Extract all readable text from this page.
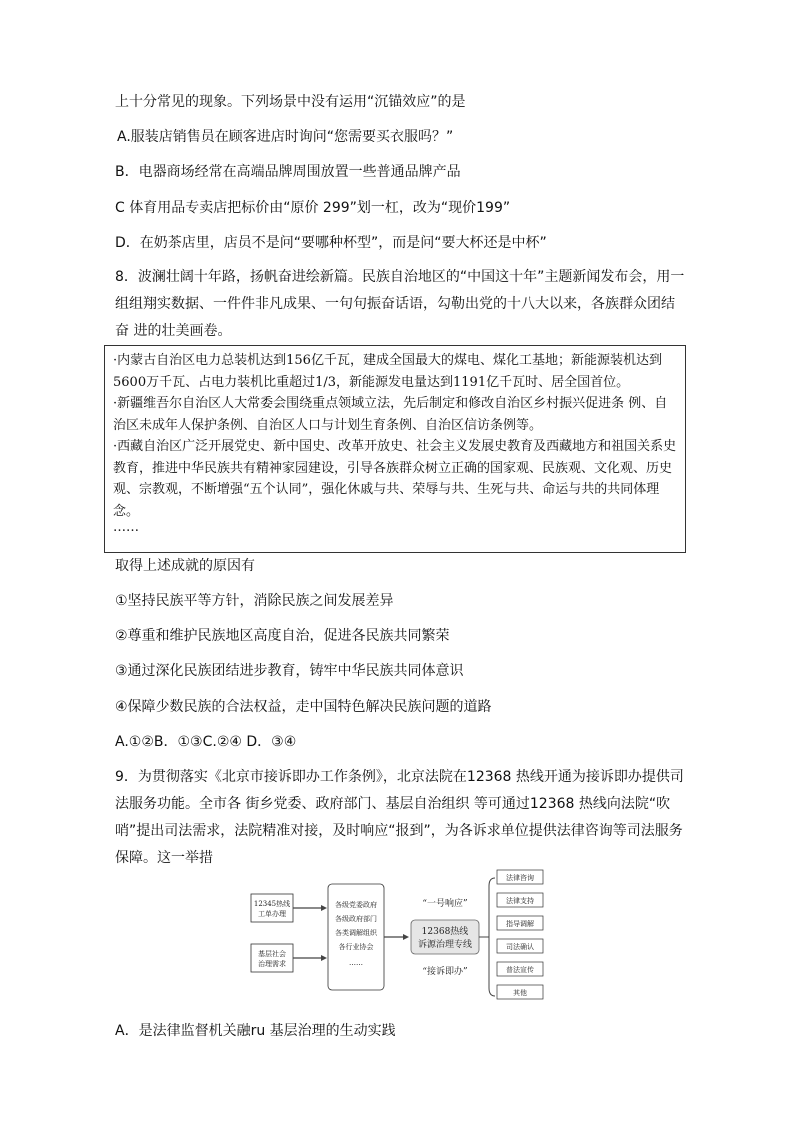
上十分常见的现象。下列场景中没有运用“沉锚效应”的是
A.服装店销售员在顾客进店时询问“您需要买衣服吗？”
B．电器商场经常在高端品牌周围放置一些普通品牌产品
C 体育用品专卖店把标价由“原价 299”划一杠，改为“现价199”
D．在奶茶店里，店员不是问“要哪种杯型”，而是问“要大杯还是中杯”
8．波澜壮阔十年路，扬帆奋进绘新篇。民族自治地区的“中国这十年”主题新闻发布会，用一组组翔实数据、一件件非凡成果、一句句振奋话语，勾勒出党的十八大以来，各族群众团结奋 进的壮美画卷。
·内蒙古自治区电力总装机达到156亿千瓦，建成全国最大的煤电、煤化工基地；新能源装机达到5600万千瓦、占电力装机比重超过1/3，新能源发电量达到1191亿千瓦时、居全国首位。
·新疆维吾尔自治区人大常委会围绕重点领域立法，先后制定和修改自治区乡村振兴促进条 例、自治区未成年人保护条例、自治区人口与计划生育条例、自治区信访条例等。
·西藏自治区广泛开展党史、新中国史、改革开放史、社会主义发展史教育及西藏地方和祖国关系史教育，推进中华民族共有精神家园建设，引导各族群众树立正确的国家观、民族观、文化观、历史观、宗教观，不断增强“五个认同”，强化休戚与共、荣辱与共、生死与共、命运与共的共同体理念。
……
取得上述成就的原因有
①坚持民族平等方针，消除民族之间发展差异
②尊重和维护民族地区高度自治，促进各民族共同繁荣
③通过深化民族团结进步教育，铸牢中华民族共同体意识
④保障少数民族的合法权益，走中国特色解决民族问题的道路
A.①②B．①③C.②④ D．③④
9．为贯彻落实《北京市接诉即办工作条例》，北京法院在12368 热线开通为接诉即办提供司法服务功能。全市各 街乡党委、政府部门、基层自治组织 等可通过12368 热线向法院“吹哨”提出司法需求，法院精准对接，及时响应“报到”，为各诉求单位提供法律咨询等司法服务保障。这一举措
12345热线
工单办理
基层社会
治理需求
各级党委政府
各级政府部门
各类调解组织
各行业协会
……
“一号响应”
12368热线
诉源治理专线
“接诉即办”
法律咨询
法律支持
指导调解
司法确认
普法宣传
其他
A．是法律监督机关融ru 基层治理的生动实践
